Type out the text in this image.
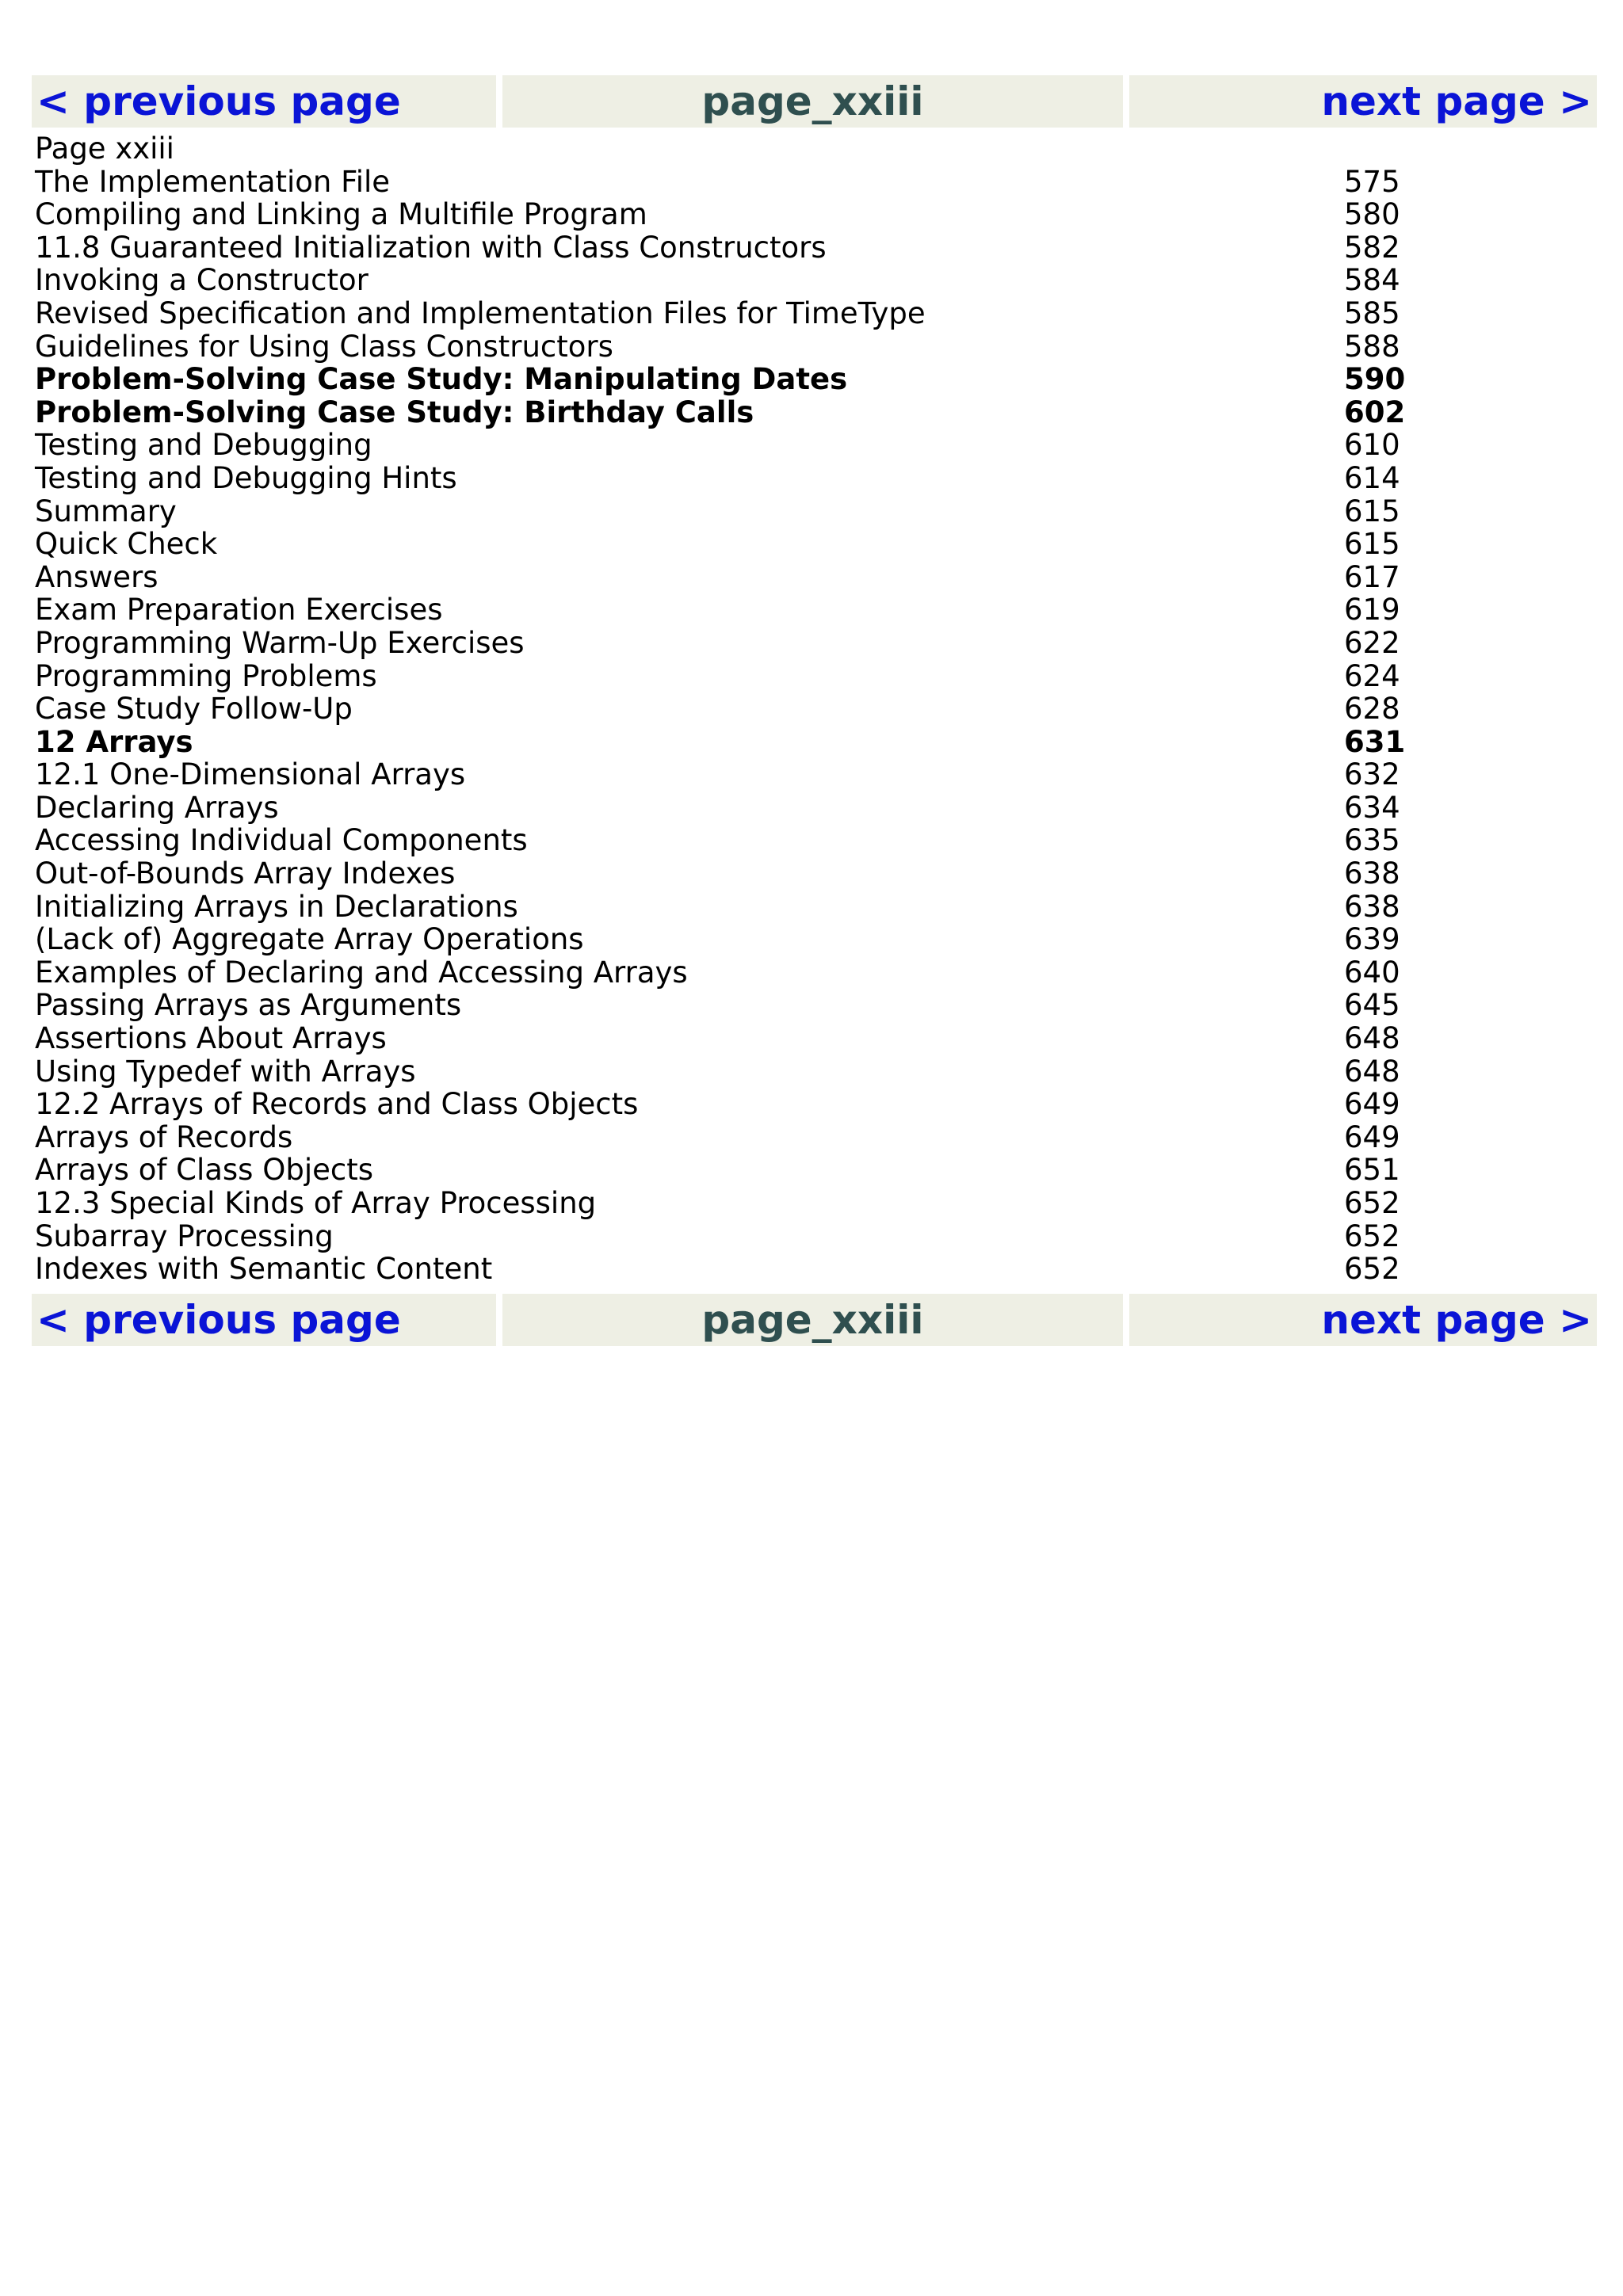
< previous page	page_xxiii	next page >
Page xxiii
The Implementation File	575
Compiling and Linking a Multifile Program	580
11.8 Guaranteed Initialization with Class Constructors	582
Invoking a Constructor	584
Revised Specification and Implementation Files for TimeType	585
Guidelines for Using Class Constructors	588
Problem-Solving Case Study: Manipulating Dates	590
Problem-Solving Case Study: Birthday Calls	602
Testing and Debugging	610
Testing and Debugging Hints	614
Summary	615
Quick Check	615
Answers	617
Exam Preparation Exercises	619
Programming Warm-Up Exercises	622
Programming Problems	624
Case Study Follow-Up	628
12 Arrays	631
12.1 One-Dimensional Arrays	632
Declaring Arrays	634
Accessing Individual Components	635
Out-of-Bounds Array Indexes	638
Initializing Arrays in Declarations	638
(Lack of) Aggregate Array Operations	639
Examples of Declaring and Accessing Arrays	640
Passing Arrays as Arguments	645
Assertions About Arrays	648
Using Typedef with Arrays	648
12.2 Arrays of Records and Class Objects	649
Arrays of Records	649
Arrays of Class Objects	651
12.3 Special Kinds of Array Processing	652
Subarray Processing	652
Indexes with Semantic Content	652
< previous page	page_xxiii	next page >
